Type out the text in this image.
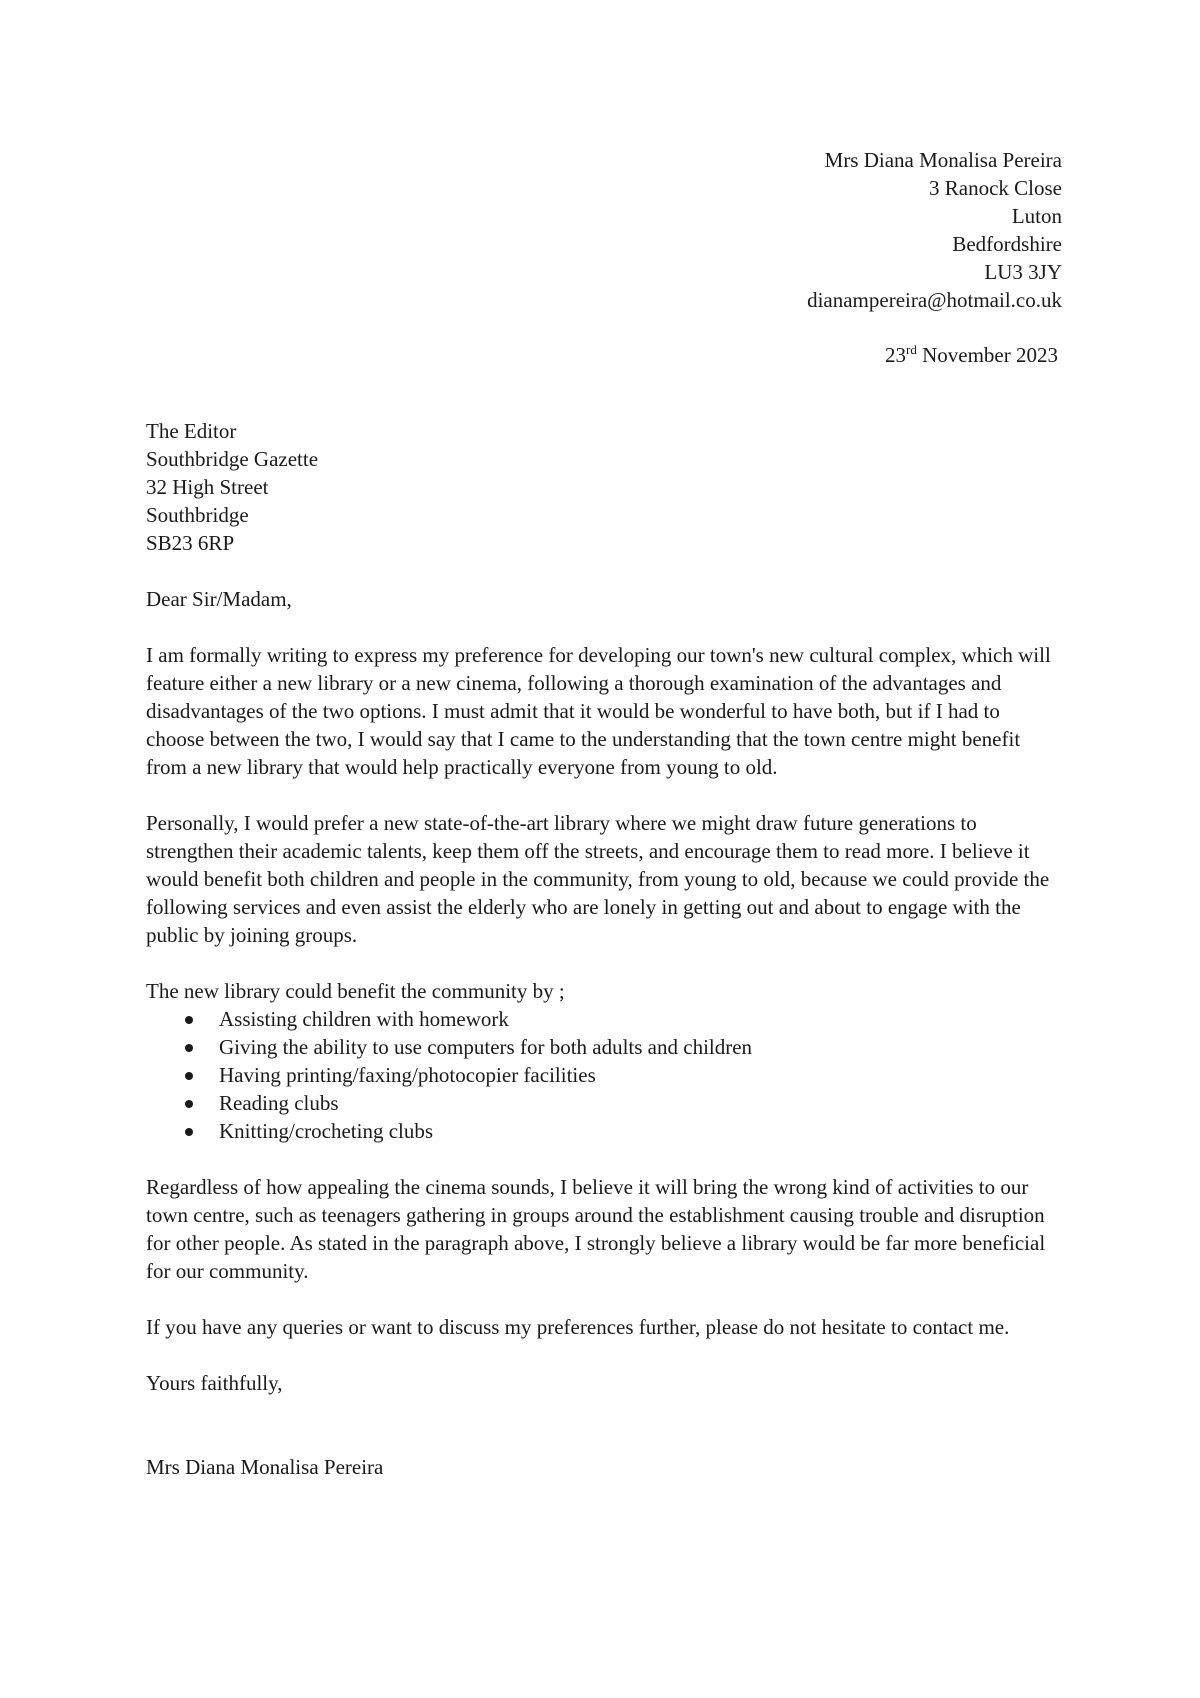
Mrs Diana Monalisa Pereira
3 Ranock Close
Luton
Bedfordshire
LU3 3JY
dianampereira@hotmail.co.uk
23rd November 2023
The Editor
Southbridge Gazette
32 High Street
Southbridge
SB23 6RP

Dear Sir/Madam,

I am formally writing to express my preference for developing our town's new cultural complex, which will feature either a new library or a new cinema, following a thorough examination of the advantages and disadvantages of the two options. I must admit that it would be wonderful to have both, but if I had to choose between the two, I would say that I came to the understanding that the town centre might benefit from a new library that would help practically everyone from young to old.

Personally, I would prefer a new state-of-the-art library where we might draw future generations to strengthen their academic talents, keep them off the streets, and encourage them to read more. I believe it would benefit both children and people in the community, from young to old, because we could provide the following services and even assist the elderly who are lonely in getting out and about to engage with the public by joining groups.

The new library could benefit the community by ;

Assisting children with homework
Giving the ability to use computers for both adults and children
Having printing/faxing/photocopier facilities
Reading clubs
Knitting/crocheting clubs

Regardless of how appealing the cinema sounds, I believe it will bring the wrong kind of activities to our town centre, such as teenagers gathering in groups around the establishment causing trouble and disruption for other people. As stated in the paragraph above, I strongly believe a library would be far more beneficial for our community.

If you have any queries or want to discuss my preferences further, please do not hesitate to contact me.

Yours faithfully,

Mrs Diana Monalisa Pereira
